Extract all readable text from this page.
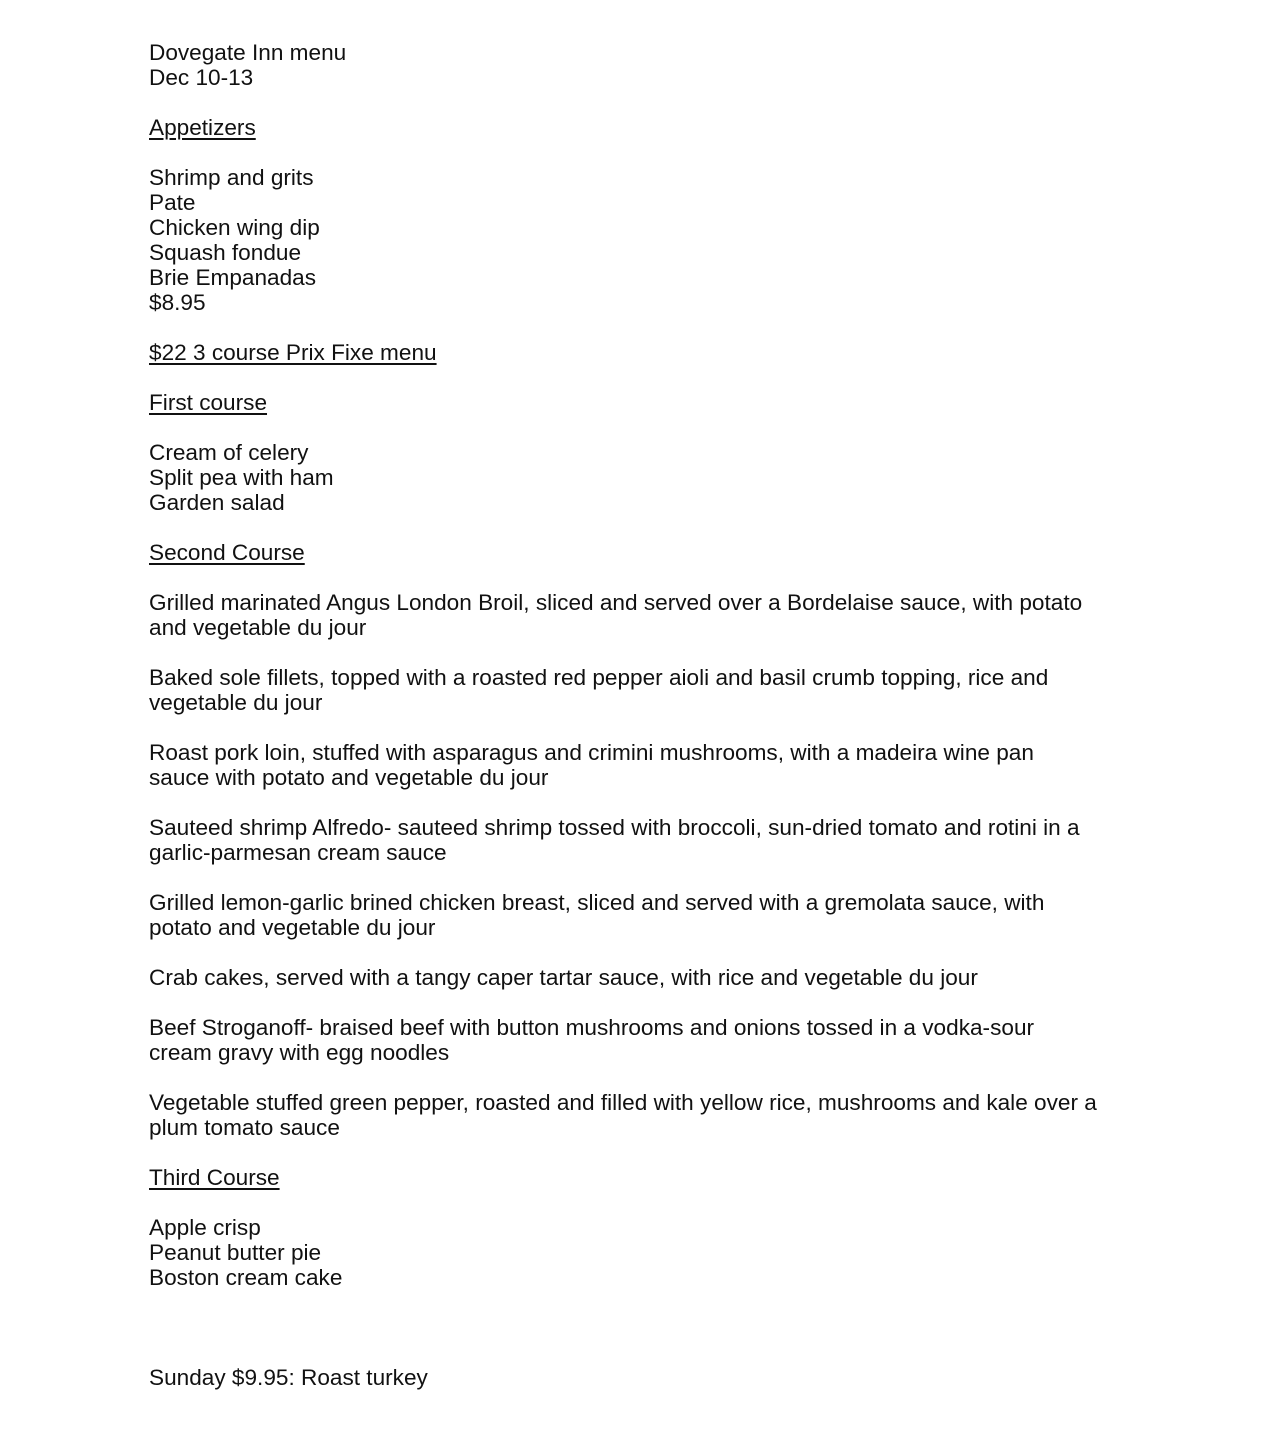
Dovegate Inn menu
Dec 10-13
Appetizers
Shrimp and grits
Pate
Chicken wing dip
Squash fondue
Brie Empanadas
$8.95
$22 3 course Prix Fixe menu
First course
Cream of celery
Split pea with ham
Garden salad
Second Course
Grilled marinated Angus London Broil, sliced and served over a Bordelaise sauce, with potato
and vegetable du jour
Baked sole fillets, topped with a roasted red pepper aioli and basil crumb topping, rice and
vegetable du jour
Roast pork loin, stuffed with asparagus and crimini mushrooms, with a madeira wine pan
sauce with potato and vegetable du jour
Sauteed shrimp Alfredo- sauteed shrimp tossed with broccoli, sun-dried tomato and rotini in a
garlic-parmesan cream sauce
Grilled lemon-garlic brined chicken breast, sliced and served with a gremolata sauce, with
potato and vegetable du jour
Crab cakes, served with a tangy caper tartar sauce, with rice and vegetable du jour
Beef Stroganoff- braised beef with button mushrooms and onions tossed in a vodka-sour
cream gravy with egg noodles
Vegetable stuffed green pepper, roasted and filled with yellow rice, mushrooms and kale over a
plum tomato sauce
Third Course
Apple crisp
Peanut butter pie
Boston cream cake
Sunday $9.95: Roast turkey
